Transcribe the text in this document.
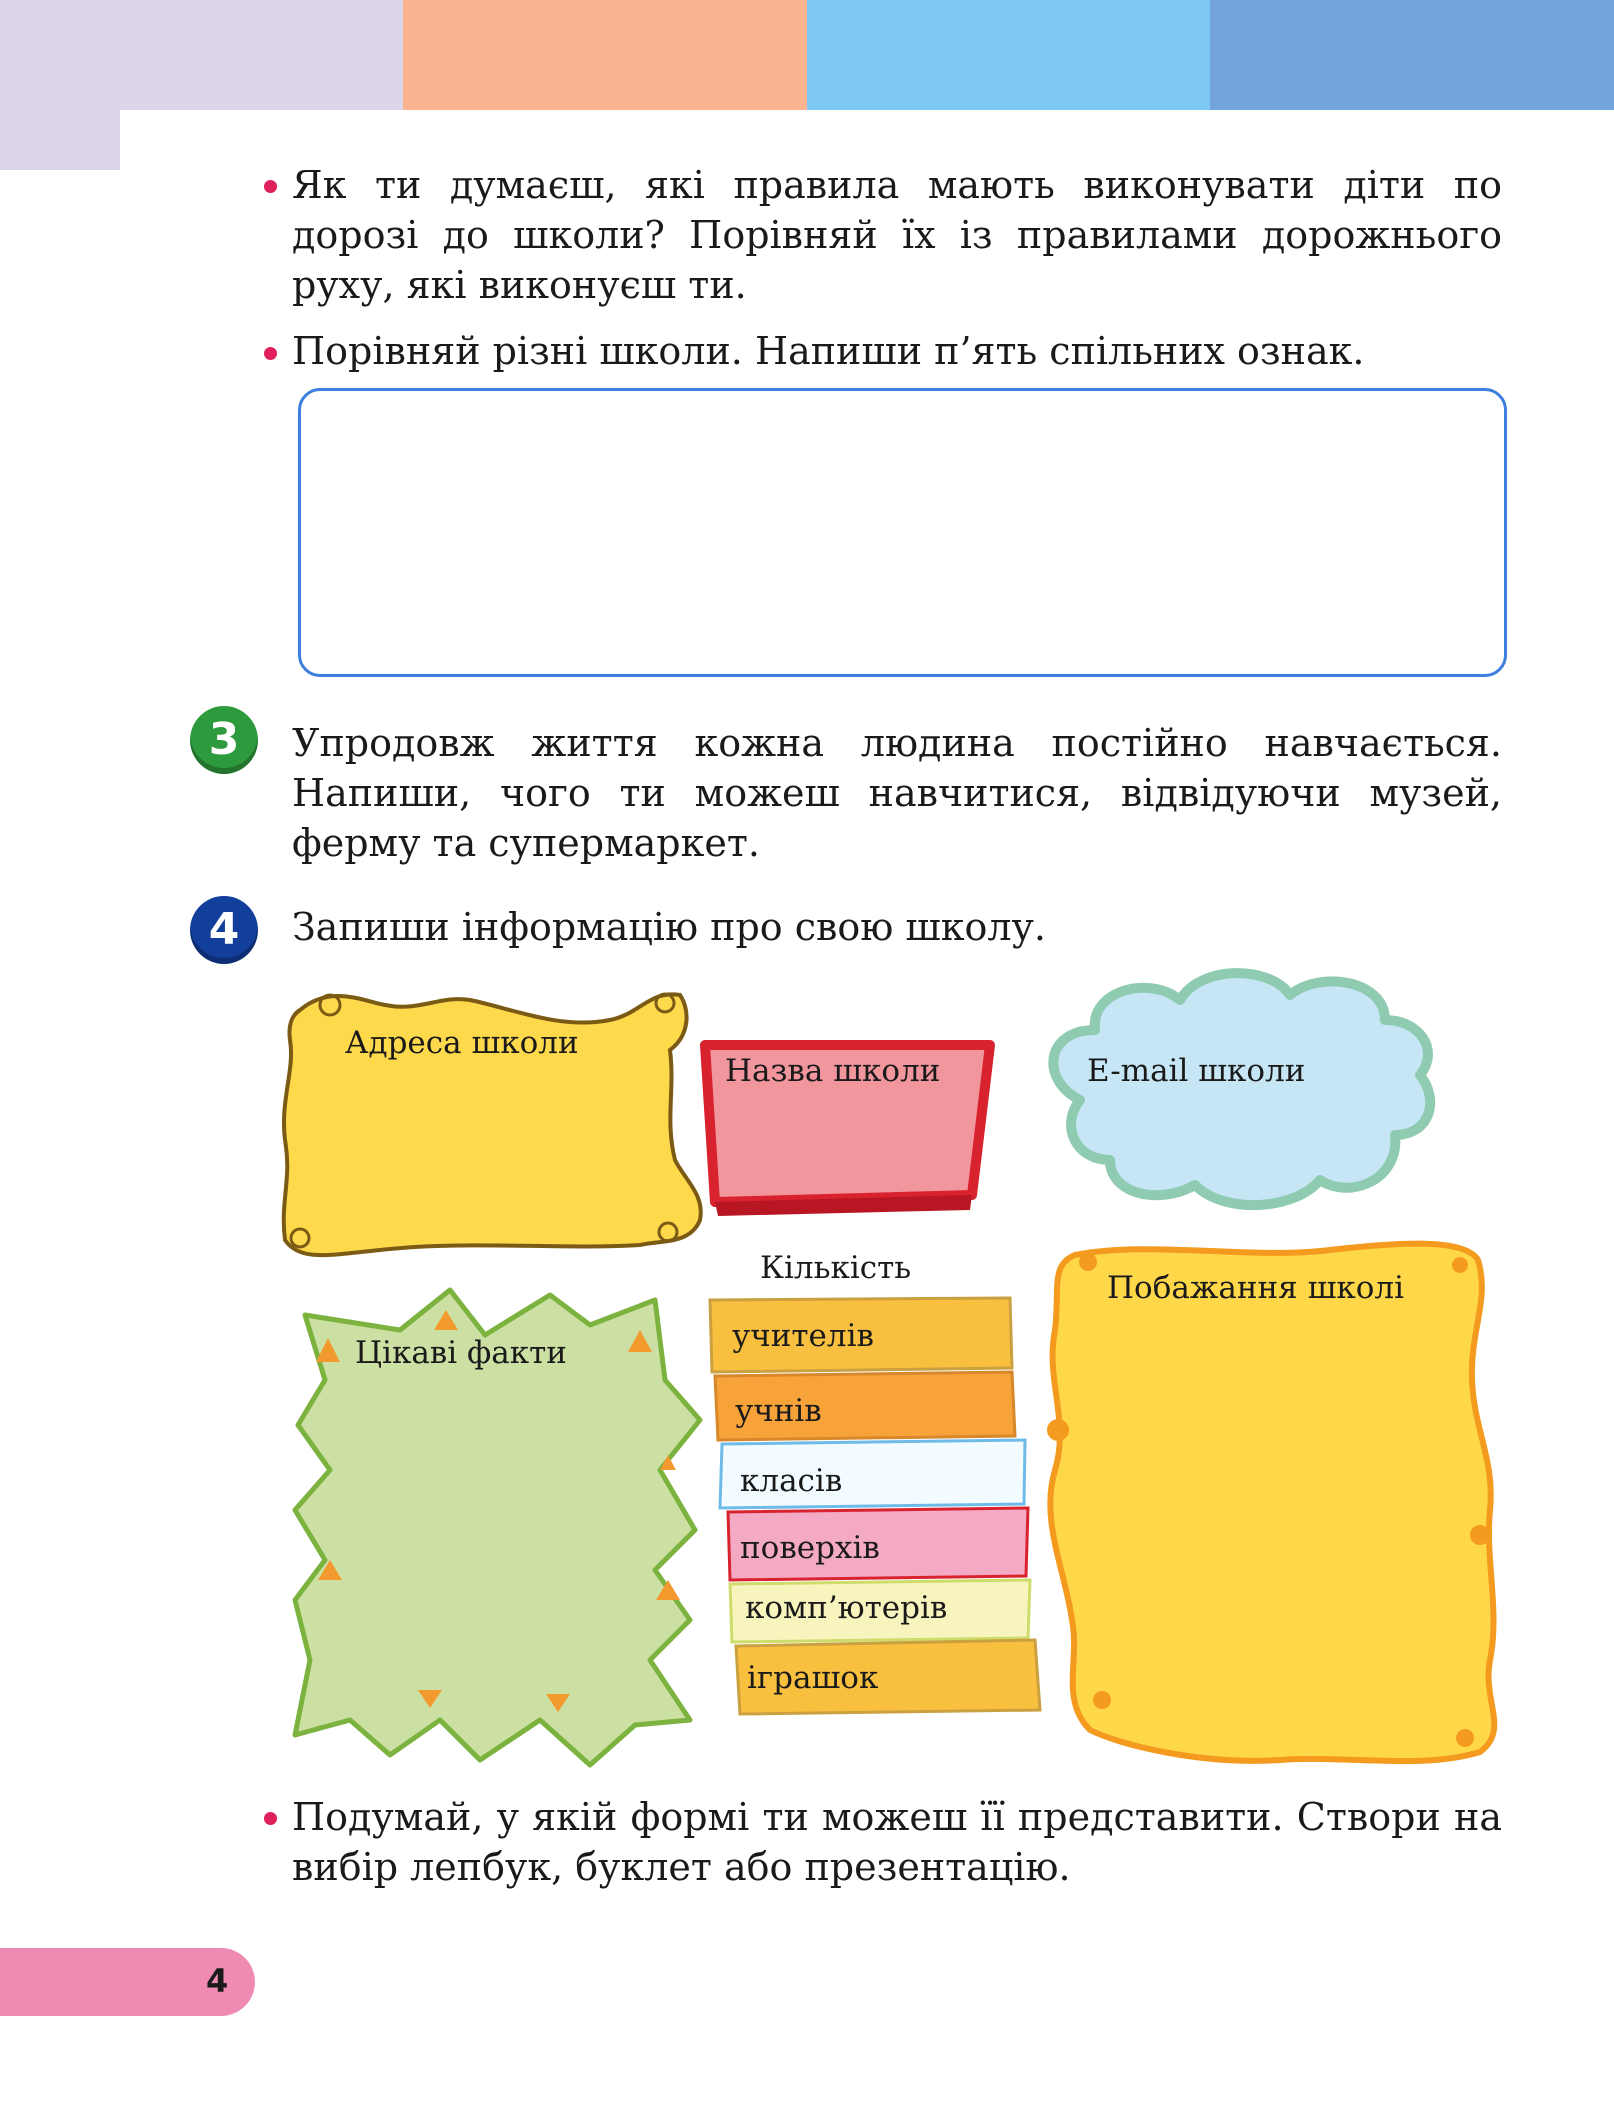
Як ти думаєш, які правила мають виконувати діти по дорозі до школи? Порівняй їх із правилами дорожнього руху, які виконуєш ти.
Порівняй різні школи. Напиши п’ять спільних ознак.
3	Упродовж життя кожна людина постійно навчається. Напиши, чого ти можеш навчитися, відвідуючи музей, ферму та супермаркет.
4	Запиши інформацію про свою школу.
Адреса школи
Назва школи	E-mail школи
Цікаві факти
Кількість
Побажання школі
учителів
учнів
класів
поверхів
комп’ютерів
іграшок
Подумай, у якій формі ти можеш її представити. Створи на вибір лепбук, буклет або презентацію.
4
